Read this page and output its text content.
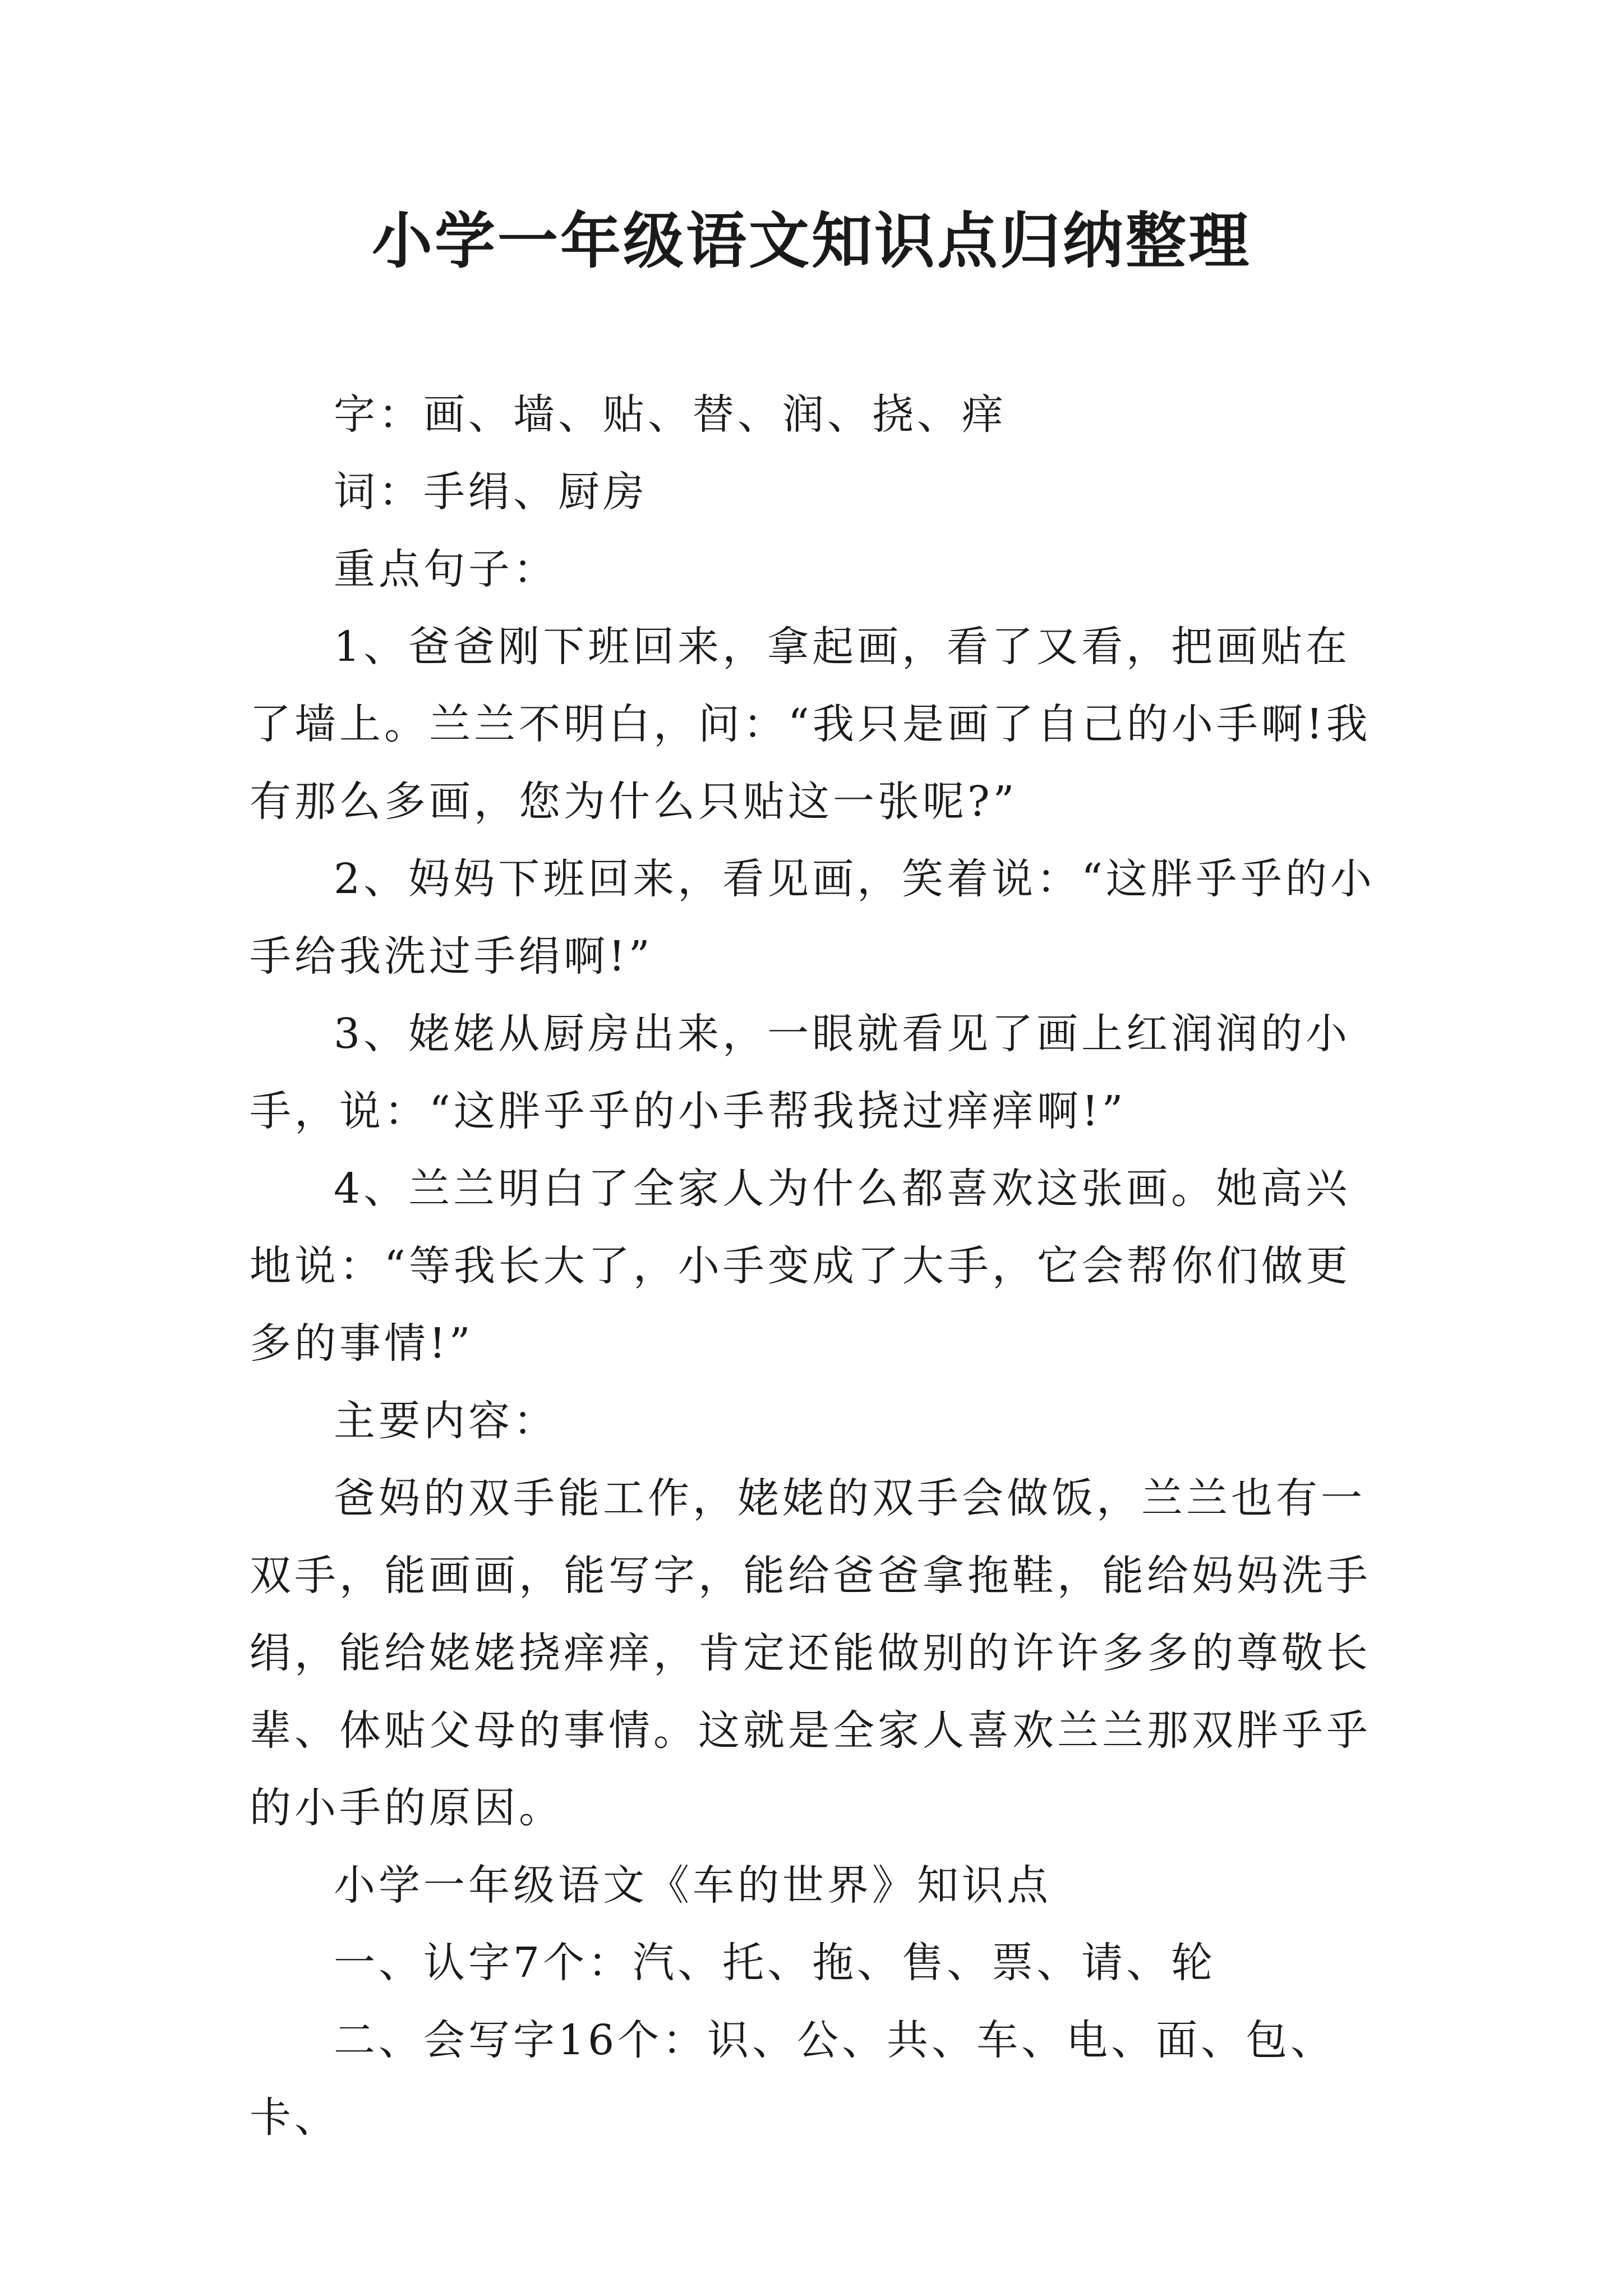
小学一年级语文知识点归纳整理

字：画、墙、贴、替、润、挠、痒

词：手绢、厨房

重点句子：

1、爸爸刚下班回来，拿起画，看了又看，把画贴在了墙上。兰兰不明白，问：“我只是画了自己的小手啊!我有那么多画，您为什么只贴这一张呢?”

2、妈妈下班回来，看见画，笑着说：“这胖乎乎的小手给我洗过手绢啊!”

3、姥姥从厨房出来，一眼就看见了画上红润润的小手，说：“这胖乎乎的小手帮我挠过痒痒啊!”

4、兰兰明白了全家人为什么都喜欢这张画。她高兴地说：“等我长大了，小手变成了大手，它会帮你们做更多的事情!”

主要内容：

爸妈的双手能工作，姥姥的双手会做饭，兰兰也有一双手，能画画，能写字，能给爸爸拿拖鞋，能给妈妈洗手绢，能给姥姥挠痒痒，肯定还能做别的许许多多的尊敬长辈、体贴父母的事情。这就是全家人喜欢兰兰那双胖乎乎的小手的原因。

小学一年级语文《车的世界》知识点

一、认字7个：汽、托、拖、售、票、请、轮

二、会写字16个：识、公、共、车、电、面、包、卡、
